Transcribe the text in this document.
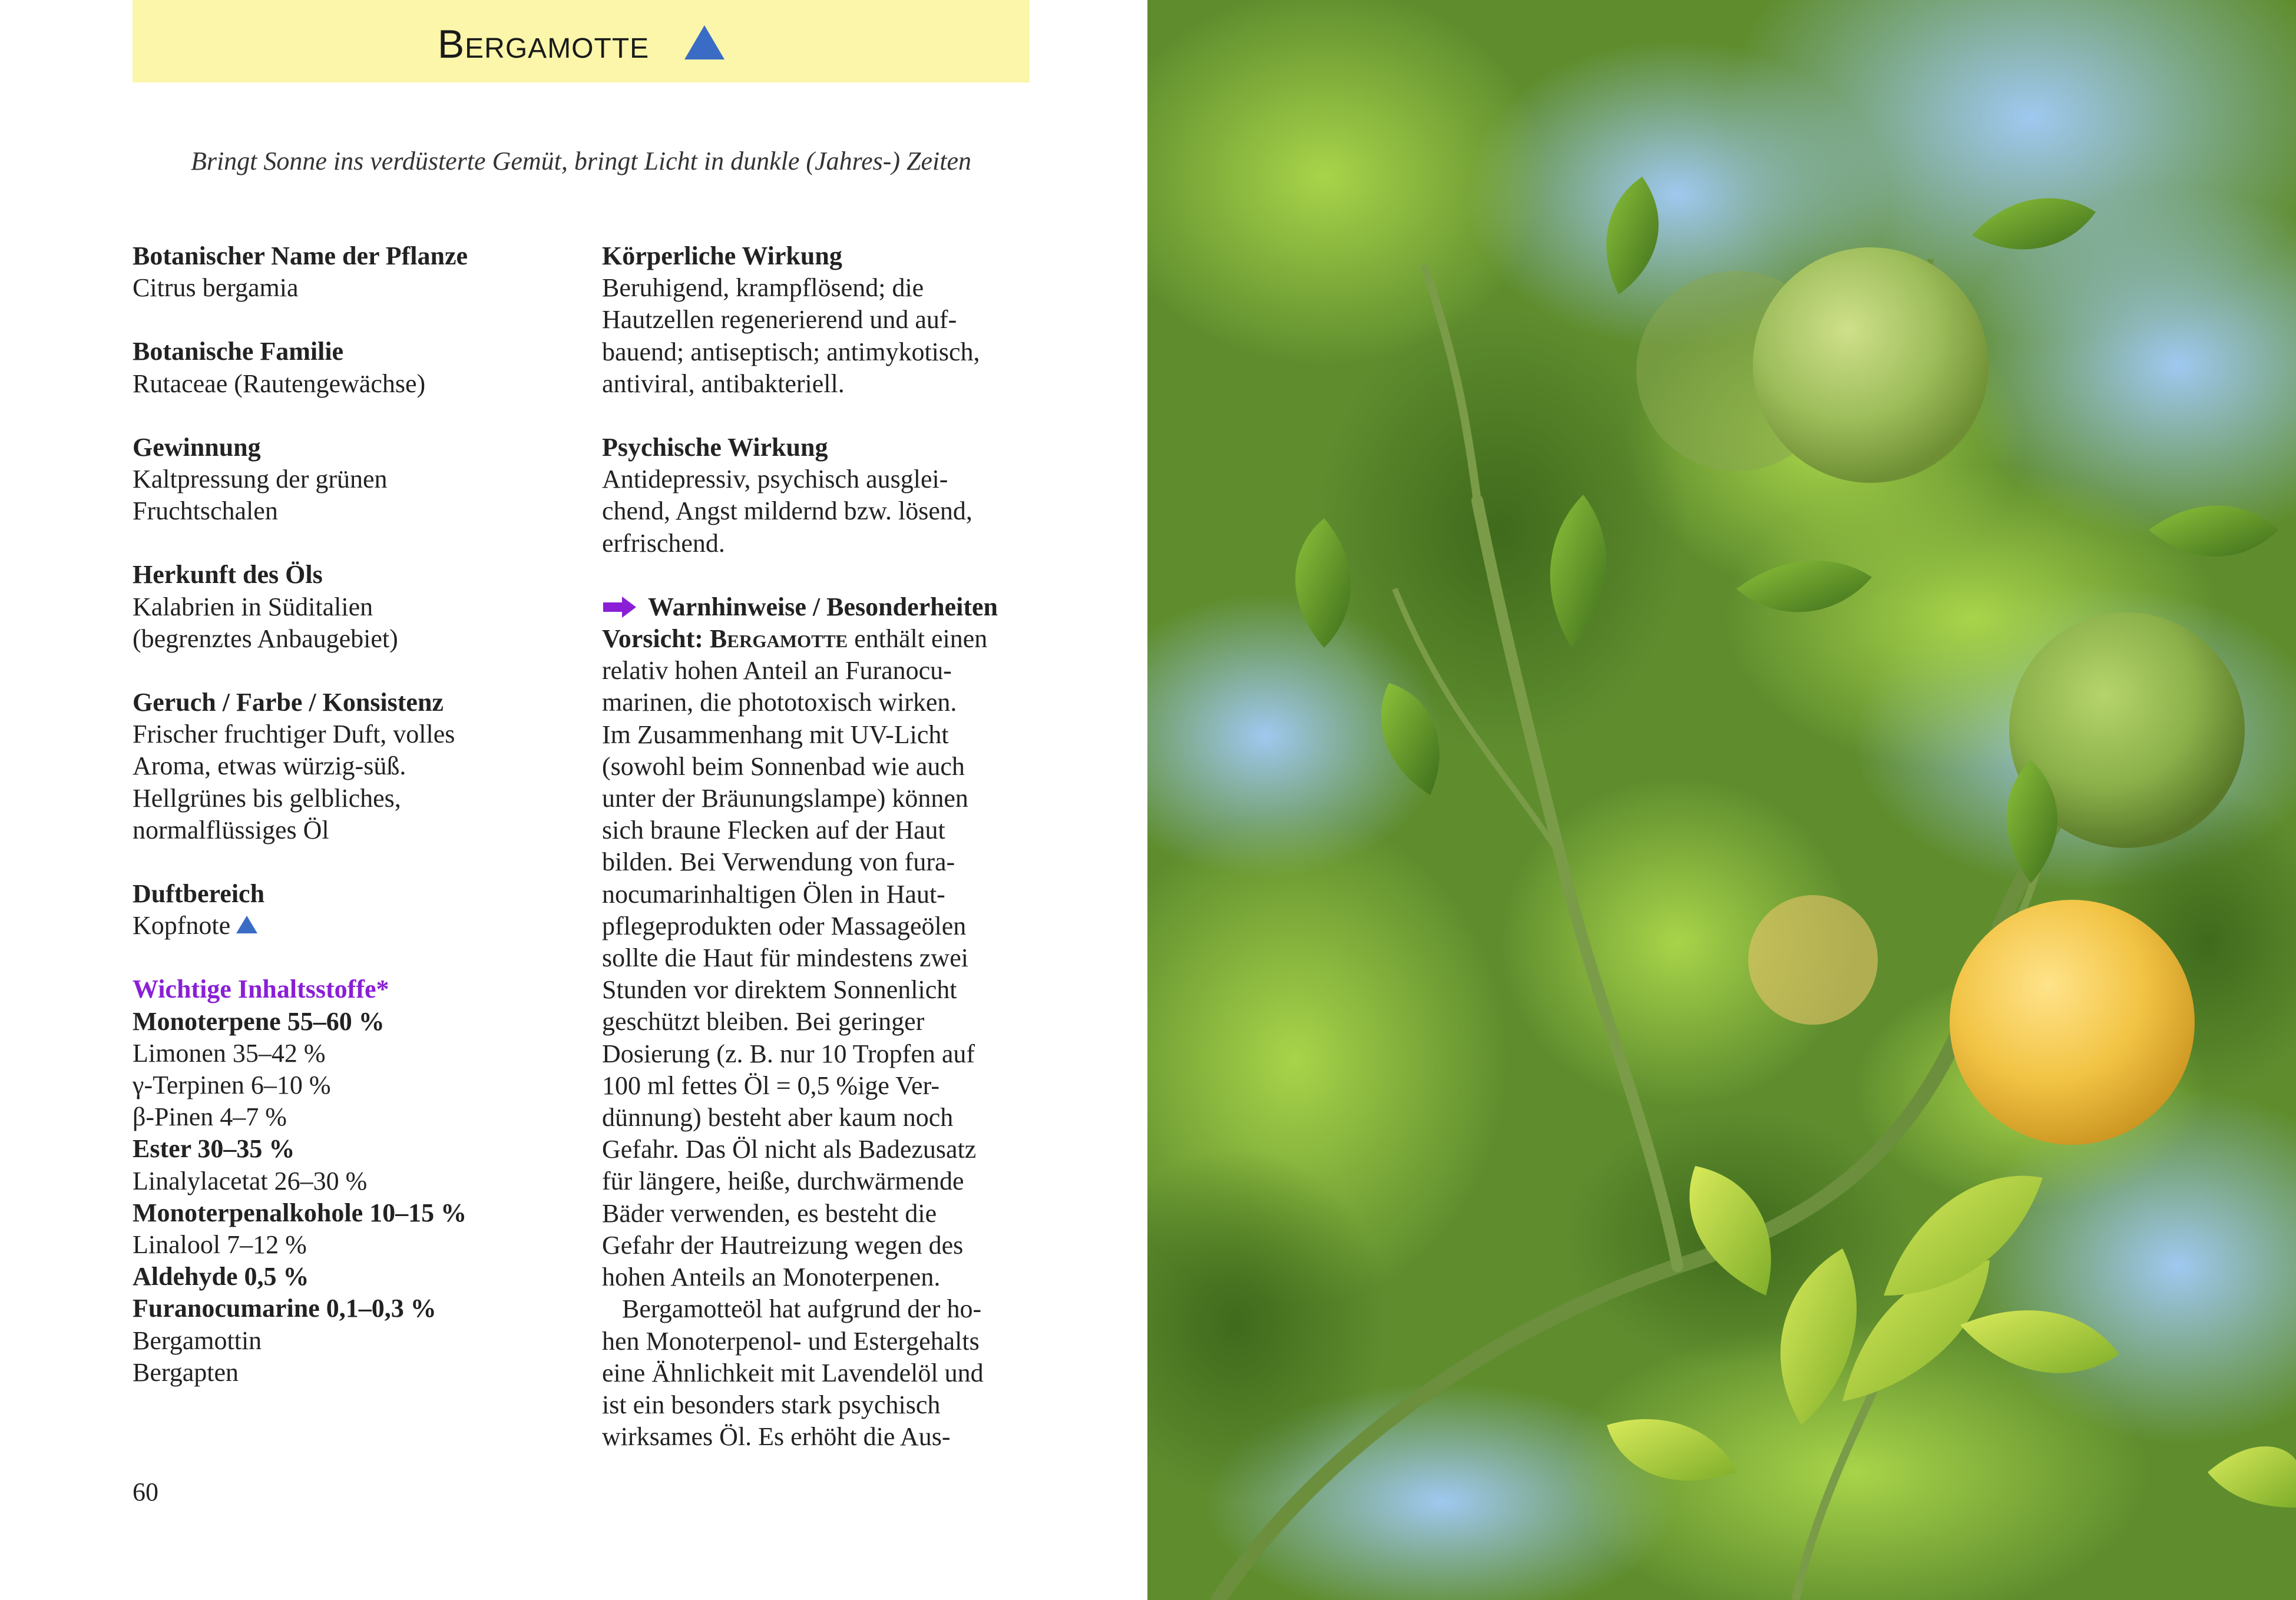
Bergamotte
Bringt Sonne ins verdüsterte Gemüt, bringt Licht in dunkle (Jahres-) Zeiten
Botanischer Name der Pflanze
Citrus bergamia
Botanische Familie
Rutaceae (Rautengewächse)
Gewinnung
Kaltpressung der grünen
Fruchtschalen
Herkunft des Öls
Kalabrien in Süditalien
(begrenztes Anbaugebiet)
Geruch / Farbe / Konsistenz
Frischer fruchtiger Duft, volles
Aroma, etwas würzig-süß.
Hellgrünes bis gelbliches,
normalflüssiges Öl
Duftbereich
Kopfnote
Wichtige Inhaltsstoffe*
Monoterpene 55–60 %
Limonen 35–42 %
γ-Terpinen 6–10 %
β-Pinen 4–7 %
Ester 30–35 %
Linalylacetat 26–30 %
Monoterpenalkohole 10–15 %
Linalool 7–12 %
Aldehyde 0,5 %
Furanocumarine 0,1–0,3 %
Bergamottin
Bergapten
Körperliche Wirkung
Beruhigend, krampflösend; die
Hautzellen regenerierend und auf-
bauend; antiseptisch; antimykotisch,
antiviral, antibakteriell.
Psychische Wirkung
Antidepressiv, psychisch ausglei-
chend, Angst mildernd bzw. lösend,
erfrischend.
Warnhinweise / Besonderheiten
Vorsicht: Bergamotte enthält einen
relativ hohen Anteil an Furanocu-
marinen, die phototoxisch wirken.
Im Zusammenhang mit UV-Licht
(sowohl beim Sonnenbad wie auch
unter der Bräunungslampe) können
sich braune Flecken auf der Haut
bilden. Bei Verwendung von fura-
nocumarinhaltigen Ölen in Haut-
pflegeprodukten oder Massageölen
sollte die Haut für mindestens zwei
Stunden vor direktem Sonnenlicht
geschützt bleiben. Bei geringer
Dosierung (z. B. nur 10 Tropfen auf
100 ml fettes Öl = 0,5 %ige Ver-
dünnung) besteht aber kaum noch
Gefahr. Das Öl nicht als Badezusatz
für längere, heiße, durchwärmende
Bäder verwenden, es besteht die
Gefahr der Hautreizung wegen des
hohen Anteils an Monoterpenen.
Bergamotteöl hat aufgrund der ho-
hen Monoterpenol- und Estergehalts
eine Ähnlichkeit mit Lavendelöl und
ist ein besonders stark psychisch
wirksames Öl. Es erhöht die Aus-
60
